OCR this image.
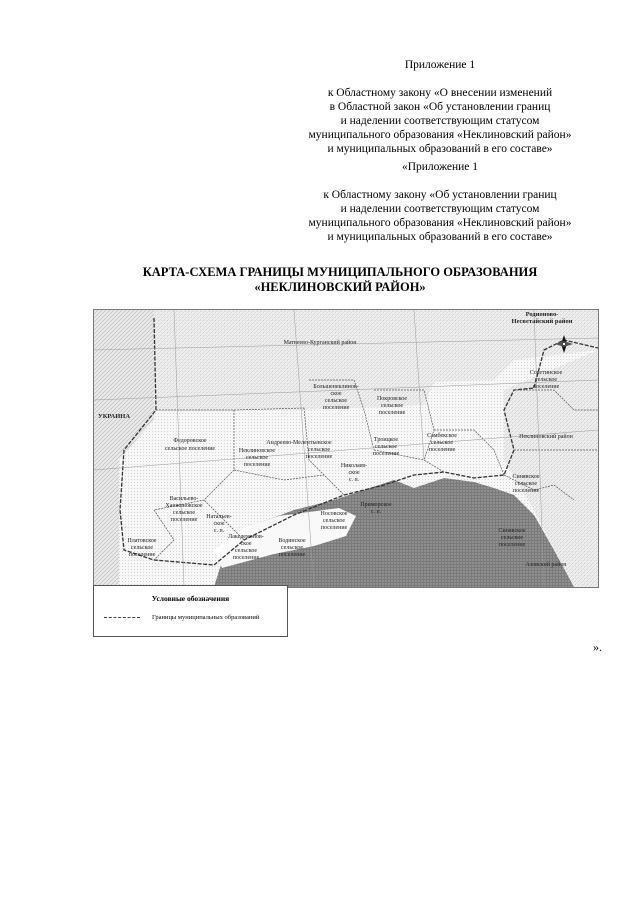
Приложение 1

к Областному закону «О внесении изменений
в Областной закон «Об установлении границ
и наделении соответствующим статусом
муниципального образования «Неклиновский район»
и муниципальных образований в его составе»
«Приложение 1

к Областному закону «Об установлении границ
и наделении соответствующим статусом
муниципального образования «Неклиновский район»
и муниципальных образований в его составе»
КАРТА-СХЕМА ГРАНИЦЫ МУНИЦИПАЛЬНОГО ОБРАЗОВАНИЯ
«НЕКЛИНОВСКИЙ РАЙОН»
Матвеево-Курганский район
Родионово-
Несветайский район
УКРАИНА
Советинское
сельское
поселение
Большенеклинов-
ское
сельское
поселение
Покровское
сельское
поселение
Федоровское
сельское поселение
Андреево-Мелентьевское
сельское
поселение
Троицкое
сельское
поселение
Самбекское
сельское
поселение
Неклиновское
сельское
поселение	Николаев-
ское
с. п.
Неклиновский район
Васильево-
Ханжоновское
сельское
поселение
Платовское
сельское
поселение
Натальев-
ское
с. п.
Синявское
сельское
поселение
Лакедемонов-
ское
сельское
поселение
Водинское
сельское
поселение
Носовское
сельское
поселение
Приморское
с. п.
Синявское
сельское
поселение
Азовский район
Условные обозначения
Границы муниципальных образований
».
